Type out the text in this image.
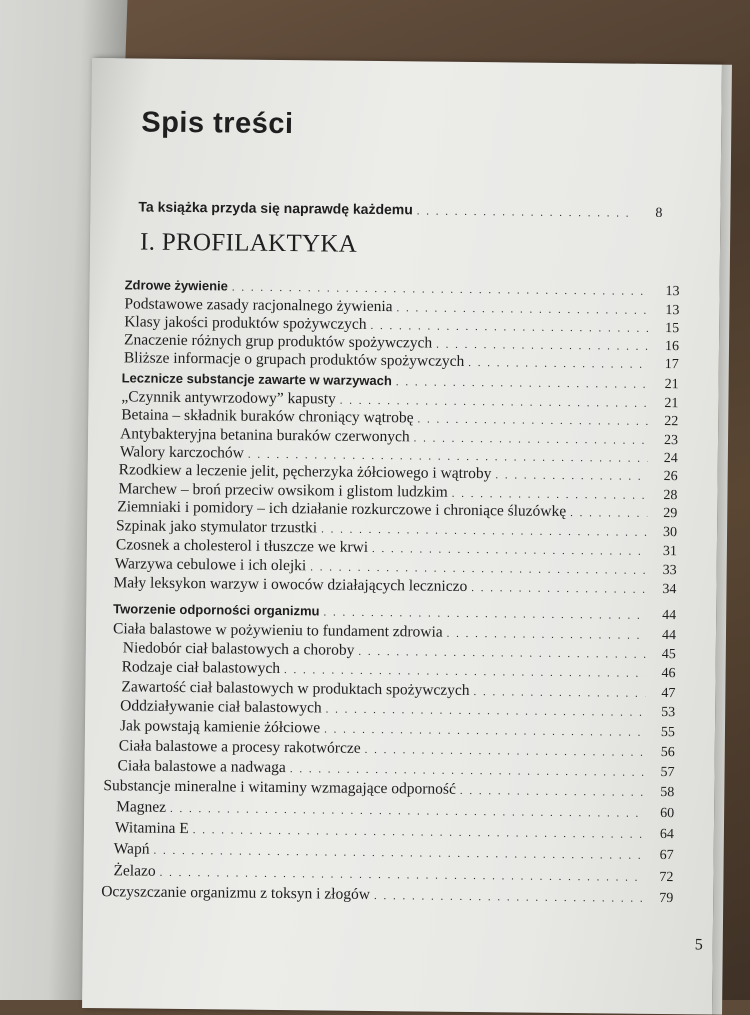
Spis treści
Ta książka przyda się naprawdę każdemu . . .	8
I. PROFILAKTYKA
Zdrowe żywienie . . .	13
Podstawowe zasady racjonalnego żywienia . . .	13
Klasy jakości produktów spożywczych . . .	15
Znaczenie różnych grup produktów spożywczych . . .	16
Bliższe informacje o grupach produktów spożywczych . . .	17
Lecznicze substancje zawarte w warzywach . . .	21
„Czynnik antywrzodowy” kapusty . . .	21
Betaina – składnik buraków chroniący wątrobę . . .	22
Antybakteryjna betanina buraków czerwonych . . .	23
Walory karczochów . . .	24
Rzodkiew a leczenie jelit, pęcherzyka żółciowego i wątroby . . .	26
Marchew – broń przeciw owsikom i glistom ludzkim . . .	28
Ziemniaki i pomidory – ich działanie rozkurczowe i chroniące śluzówkę . . .	29
Szpinak jako stymulator trzustki . . .	30
Czosnek a cholesterol i tłuszcze we krwi . . .	31
Warzywa cebulowe i ich olejki . . .	33
Mały leksykon warzyw i owoców działających leczniczo . . .	34
Tworzenie odporności organizmu . . .	44
Ciała balastowe w pożywieniu to fundament zdrowia . . .	44
Niedobór ciał balastowych a choroby . . .	45
Rodzaje ciał balastowych . . .	46
Zawartość ciał balastowych w produktach spożywczych . . .	47
Oddziaływanie ciał balastowych . . .	53
Jak powstają kamienie żółciowe . . .	55
Ciała balastowe a procesy rakotwórcze . . .	56
Ciała balastowe a nadwaga . . .	57
Substancje mineralne i witaminy wzmagające odporność . . .	58
Magnez . . .	60
Witamina E . . .	64
Wapń . . .	67
Żelazo . . .	72
Oczyszczanie organizmu z toksyn i złogów . . .	79
5
